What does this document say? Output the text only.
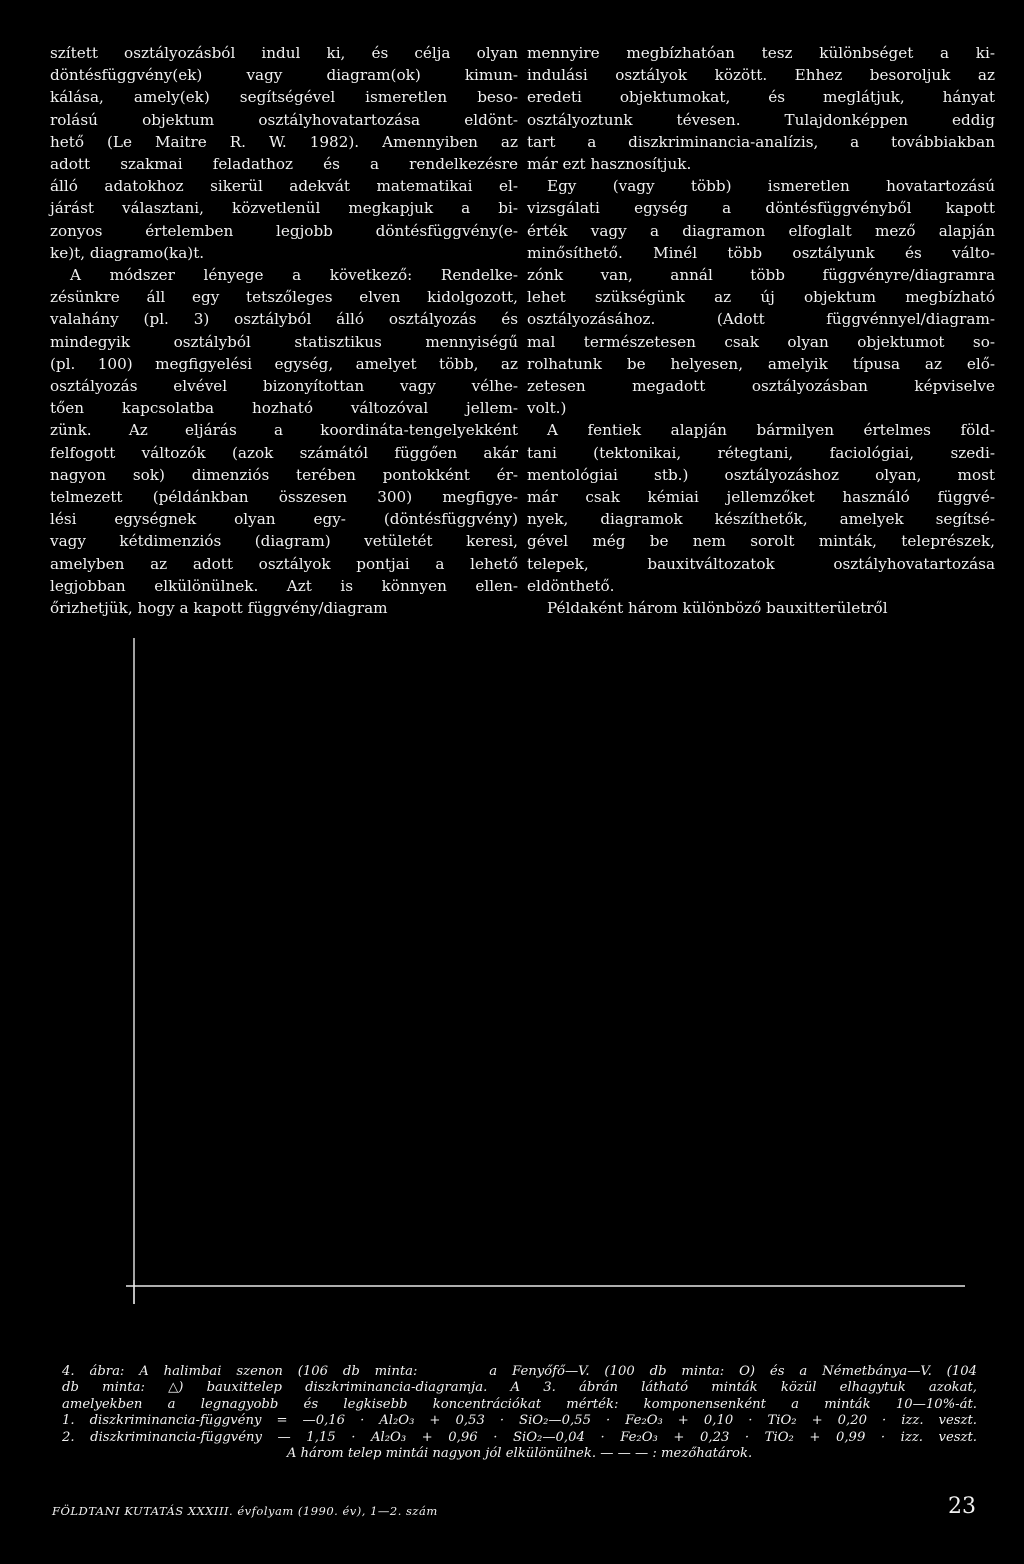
szített osztályozásból indul ki, és célja olyan
döntésfüggvény(ek) vagy diagram(ok) kimun-
kálása, amely(ek) segítségével ismeretlen beso-
rolású objektum osztályhovatartozása eldönt-
hető (Le Maitre R. W. 1982). Amennyiben az
adott szakmai feladathoz és a rendelkezésre
álló adatokhoz sikerül adekvát matematikai el-
járást választani, közvetlenül megkapjuk a bi-
zonyos értelemben legjobb döntésfüggvény(e-
ke)t, diagramo(ka)t.
A módszer lényege a következő: Rendelke-
zésünkre áll egy tetszőleges elven kidolgozott,
valahány (pl. 3) osztályból álló osztályozás és
mindegyik osztályból statisztikus mennyiségű
(pl. 100) megfigyelési egység, amelyet több, az
osztályozás elvével bizonyítottan vagy vélhe-
tően kapcsolatba hozható változóval jellem-
zünk. Az eljárás a koordináta-tengelyekként
felfogott változók (azok számától függően akár
nagyon sok) dimenziós terében pontokként ér-
telmezett (példánkban összesen 300) megfigye-
lési egységnek olyan egy- (döntésfüggvény)
vagy kétdimenziós (diagram) vetületét keresi,
amelyben az adott osztályok pontjai a lehető
legjobban elkülönülnek. Azt is könnyen ellen-
őrizhetjük, hogy a kapott függvény/diagram
mennyire megbízhatóan tesz különbséget a ki-
indulási osztályok között. Ehhez besoroljuk az
eredeti objektumokat, és meglátjuk, hányat
osztályoztunk tévesen. Tulajdonképpen eddig
tart a diszkriminancia-analízis, a továbbiakban
már ezt hasznosítjuk.
Egy (vagy több) ismeretlen hovatartozású
vizsgálati egység a döntésfüggvényből kapott
érték vagy a diagramon elfoglalt mező alapján
minősíthető. Minél több osztályunk és válto-
zónk van, annál több függvényre/diagramra
lehet szükségünk az új objektum megbízható
osztályozásához. (Adott függvénnyel/diagram-
mal természetesen csak olyan objektumot so-
rolhatunk be helyesen, amelyik típusa az elő-
zetesen megadott osztályozásban képviselve
volt.)
A fentiek alapján bármilyen értelmes föld-
tani (tektonikai, rétegtani, faciológiai, szedi-
mentológiai stb.) osztályozáshoz olyan, most
már csak kémiai jellemzőket használó függvé-
nyek, diagramok készíthetők, amelyek segítsé-
gével még be nem sorolt minták, teleprészek,
telepek, bauxitváltozatok osztályhovatartozása
eldönthető.
Példaként három különböző bauxitterületről
4. ábra: A halimbai szenon (106 db minta:	a Fenyőfő—V. (100 db minta: O) és a Németbánya—V. (104
db minta: △) bauxittelep diszkriminancia-diagramja. A 3. ábrán látható minták közül elhagytuk azokat,
amelyekben a legnagyobb és legkisebb koncentrációkat mérték: komponensenként a minták 10—10%-át.
1. diszkriminancia-függvény = —0,16 · Al₂O₃ + 0,53 · SiO₂—0,55 · Fe₂O₃ + 0,10 · TiO₂ + 0,20 · izz. veszt.
2. diszkriminancia-függvény — 1,15 · Al₂O₃ + 0,96 · SiO₂—0,04 · Fe₂O₃ + 0,23 · TiO₂ + 0,99 · izz. veszt.
A három telep mintái nagyon jól elkülönülnek. — — — : mezőhatárok.
FÖLDTANI KUTATÁS XXXIII. évfolyam (1990. év), 1—2. szám	23
